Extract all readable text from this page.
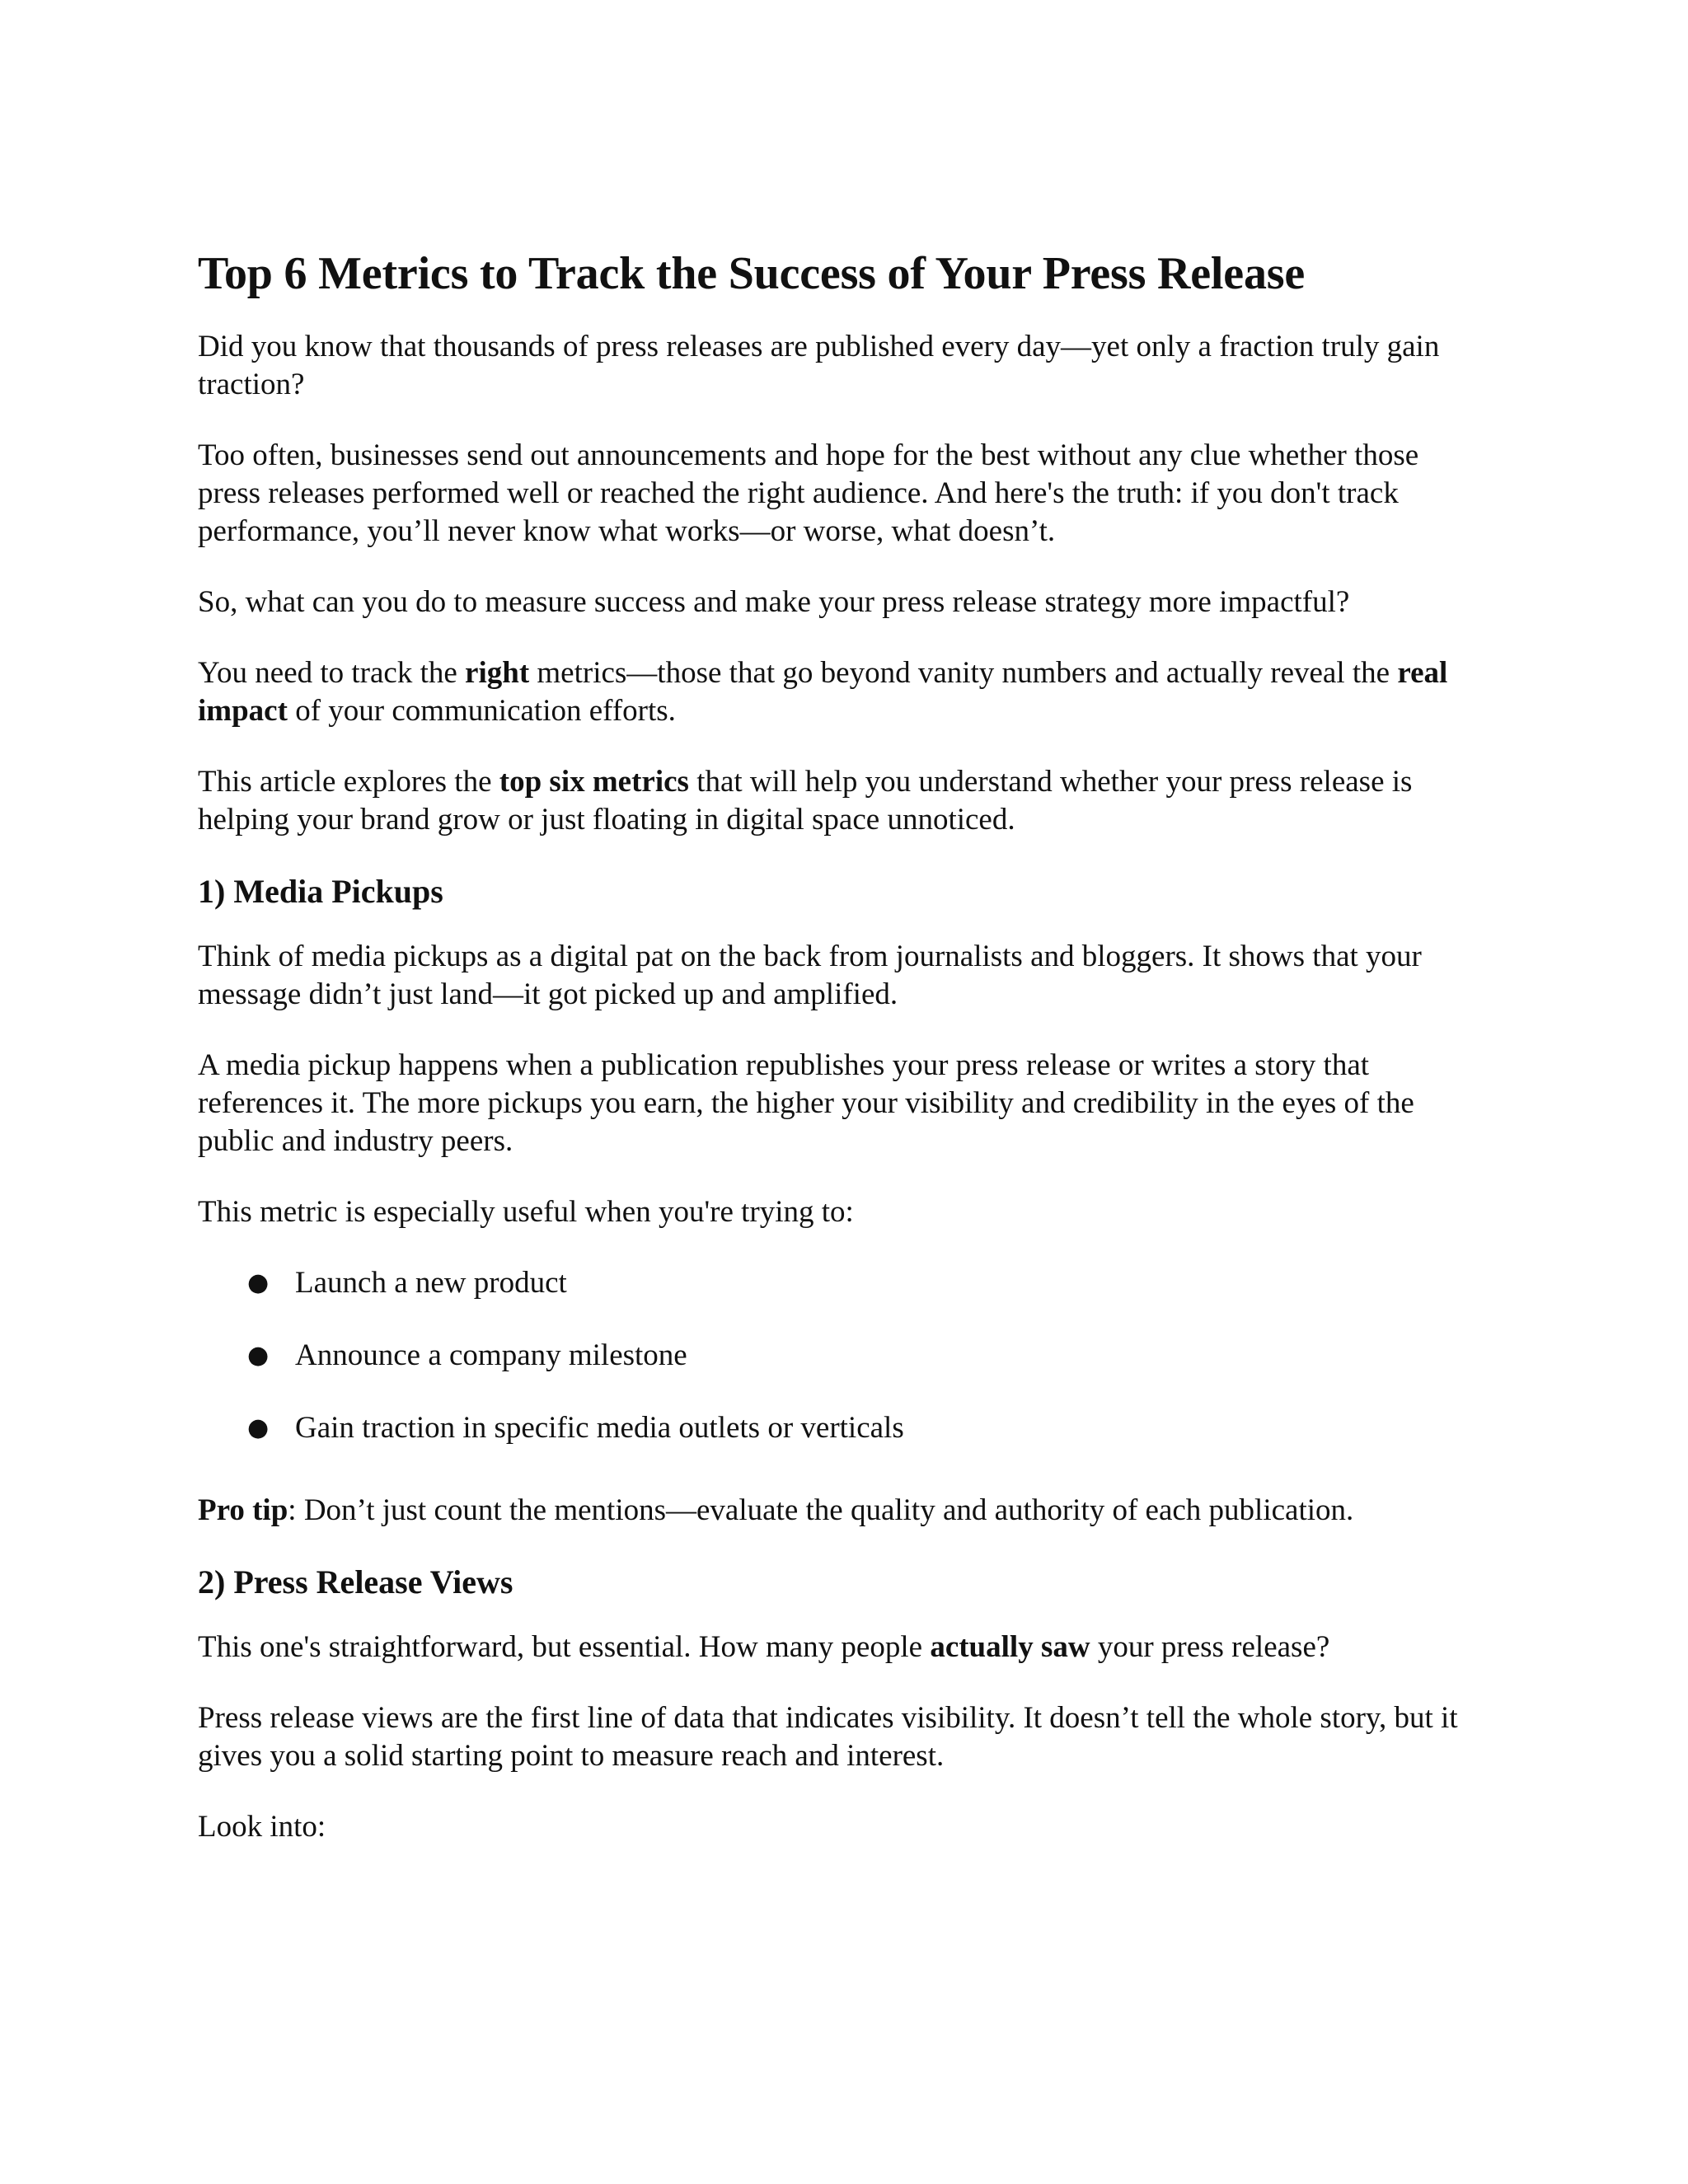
Top 6 Metrics to Track the Success of Your Press Release

Did you know that thousands of press releases are published every day—yet only a fraction truly gain traction?

Too often, businesses send out announcements and hope for the best without any clue whether those press releases performed well or reached the right audience. And here's the truth: if you don't track performance, you’ll never know what works—or worse, what doesn’t.

So, what can you do to measure success and make your press release strategy more impactful?

You need to track the right metrics—those that go beyond vanity numbers and actually reveal the real impact of your communication efforts.

This article explores the top six metrics that will help you understand whether your press release is helping your brand grow or just floating in digital space unnoticed.

1) Media Pickups

Think of media pickups as a digital pat on the back from journalists and bloggers. It shows that your message didn’t just land—it got picked up and amplified.

A media pickup happens when a publication republishes your press release or writes a story that references it. The more pickups you earn, the higher your visibility and credibility in the eyes of the public and industry peers.

This metric is especially useful when you're trying to:

● Launch a new product
● Announce a company milestone
● Gain traction in specific media outlets or verticals

Pro tip: Don’t just count the mentions—evaluate the quality and authority of each publication.

2) Press Release Views

This one's straightforward, but essential. How many people actually saw your press release?

Press release views are the first line of data that indicates visibility. It doesn’t tell the whole story, but it gives you a solid starting point to measure reach and interest.

Look into:
